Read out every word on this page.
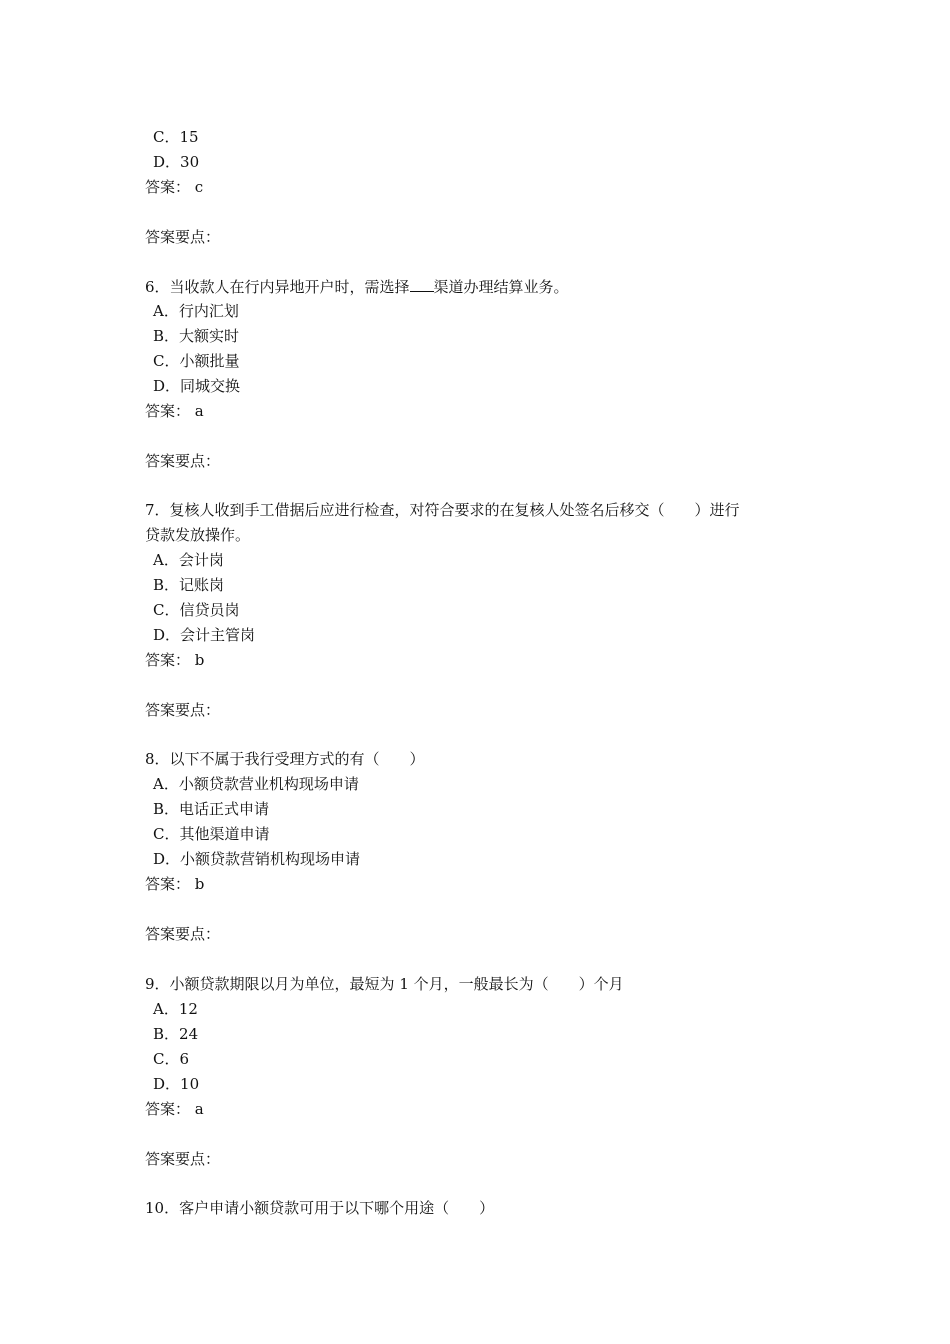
C．15
D．30
答案： c
答案要点：
6．当收款人在行内异地开户时，需选择 渠道办理结算业务。
A．行内汇划
B．大额实时
C．小额批量
D．同城交换
答案： a
答案要点：
7．复核人收到手工借据后应进行检查，对符合要求的在复核人处签名后移交（　　）进行
贷款发放操作。
A．会计岗
B．记账岗
C．信贷员岗
D．会计主管岗
答案： b
答案要点：
8．以下不属于我行受理方式的有（　　）
A．小额贷款营业机构现场申请
B．电话正式申请
C．其他渠道申请
D．小额贷款营销机构现场申请
答案： b
答案要点：
9．小额贷款期限以月为单位，最短为 1 个月，一般最长为（　　）个月
A．12
B．24
C．6
D．10
答案： a
答案要点：
10．客户申请小额贷款可用于以下哪个用途（　　）
